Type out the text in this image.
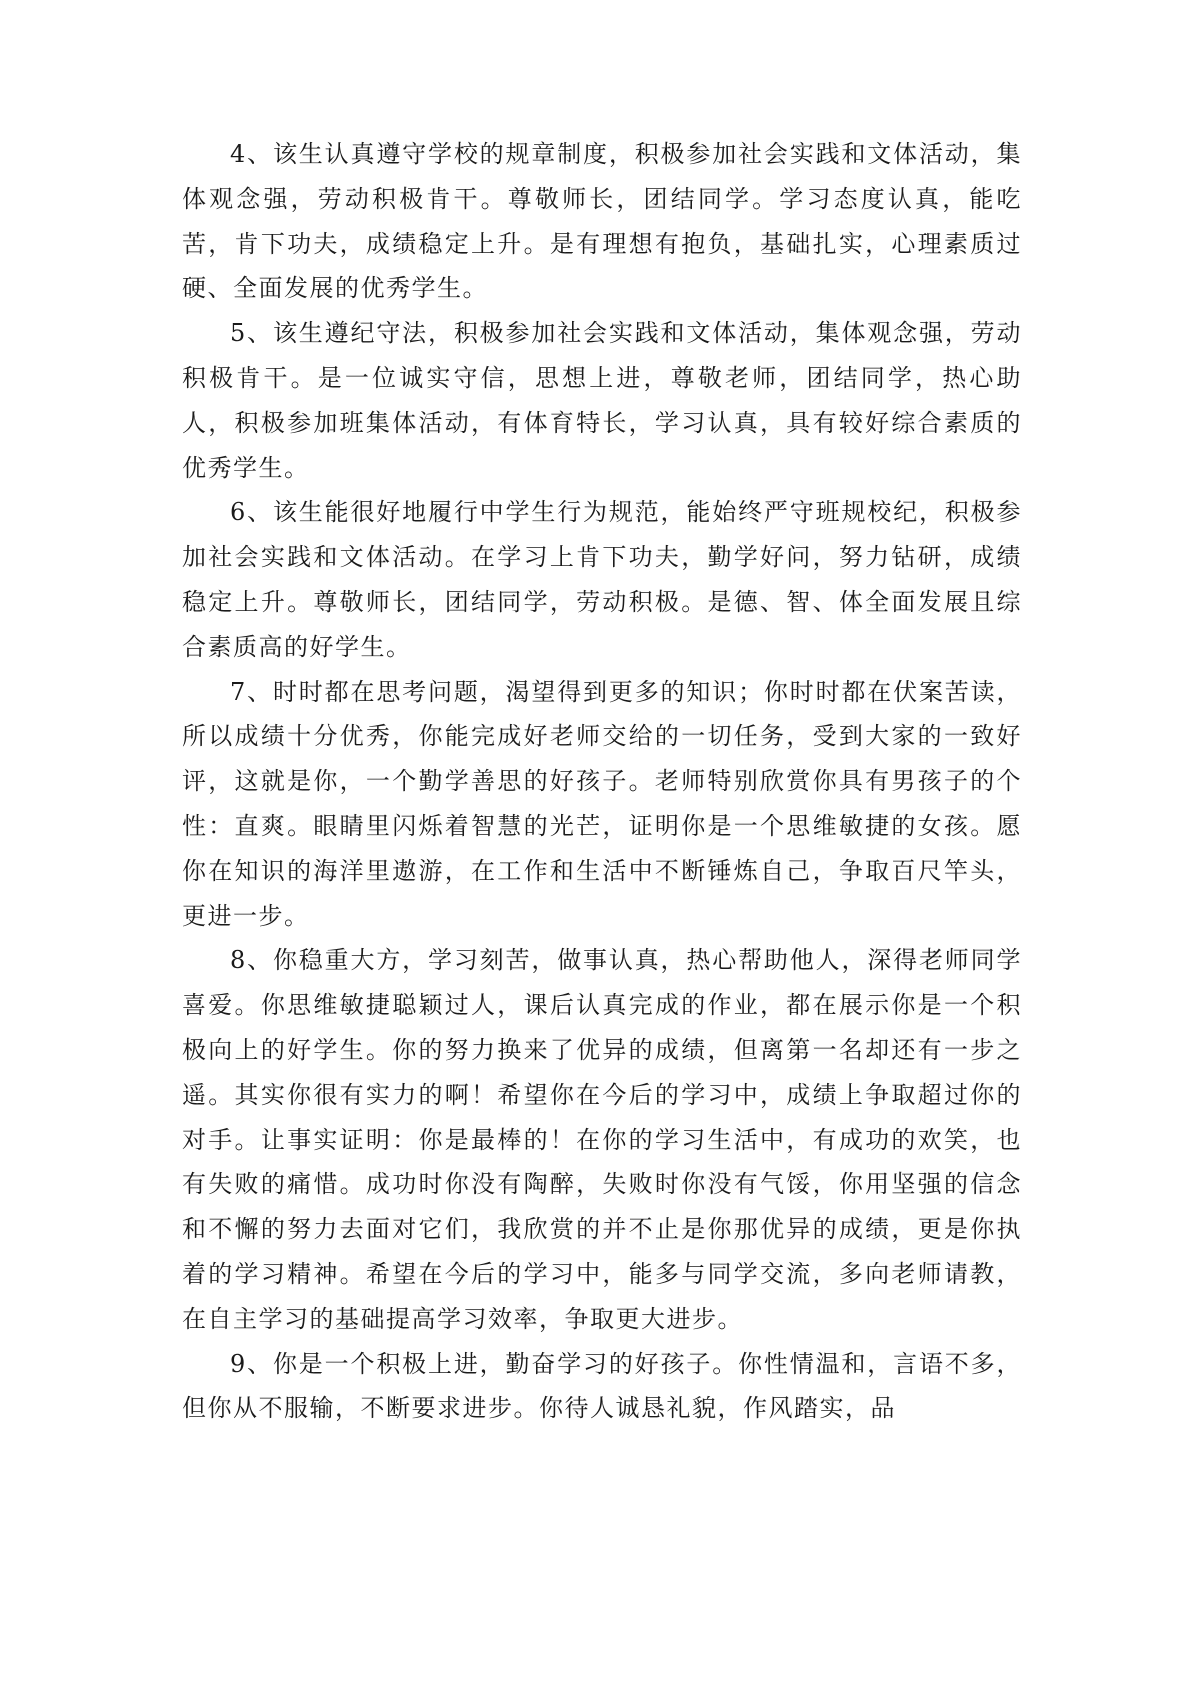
4、该生认真遵守学校的规章制度，积极参加社会实践和文体活动，集体观念强，劳动积极肯干。尊敬师长，团结同学。学习态度认真，能吃苦，肯下功夫，成绩稳定上升。是有理想有抱负，基础扎实，心理素质过硬、全面发展的优秀学生。

5、该生遵纪守法，积极参加社会实践和文体活动，集体观念强，劳动积极肯干。是一位诚实守信，思想上进，尊敬老师，团结同学，热心助人，积极参加班集体活动，有体育特长，学习认真，具有较好综合素质的优秀学生。

6、该生能很好地履行中学生行为规范，能始终严守班规校纪，积极参加社会实践和文体活动。在学习上肯下功夫，勤学好问，努力钻研，成绩稳定上升。尊敬师长，团结同学，劳动积极。是德、智、体全面发展且综合素质高的好学生。

7、时时都在思考问题，渴望得到更多的知识；你时时都在伏案苦读，所以成绩十分优秀，你能完成好老师交给的一切任务，受到大家的一致好评，这就是你，一个勤学善思的好孩子。老师特别欣赏你具有男孩子的个性：直爽。眼睛里闪烁着智慧的光芒，证明你是一个思维敏捷的女孩。愿你在知识的海洋里遨游，在工作和生活中不断锤炼自己，争取百尺竿头，更进一步。

8、你稳重大方，学习刻苦，做事认真，热心帮助他人，深得老师同学喜爱。你思维敏捷聪颖过人，课后认真完成的作业，都在展示你是一个积极向上的好学生。你的努力换来了优异的成绩，但离第一名却还有一步之遥。其实你很有实力的啊！希望你在今后的学习中，成绩上争取超过你的对手。让事实证明：你是最棒的！在你的学习生活中，有成功的欢笑，也有失败的痛惜。成功时你没有陶醉，失败时你没有气馁，你用坚强的信念和不懈的努力去面对它们，我欣赏的并不止是你那优异的成绩，更是你执着的学习精神。希望在今后的学习中，能多与同学交流，多向老师请教，在自主学习的基础提高学习效率，争取更大进步。

9、你是一个积极上进，勤奋学习的好孩子。你性情温和，言语不多，但你从不服输，不断要求进步。你待人诚恳礼貌，作风踏实，品
